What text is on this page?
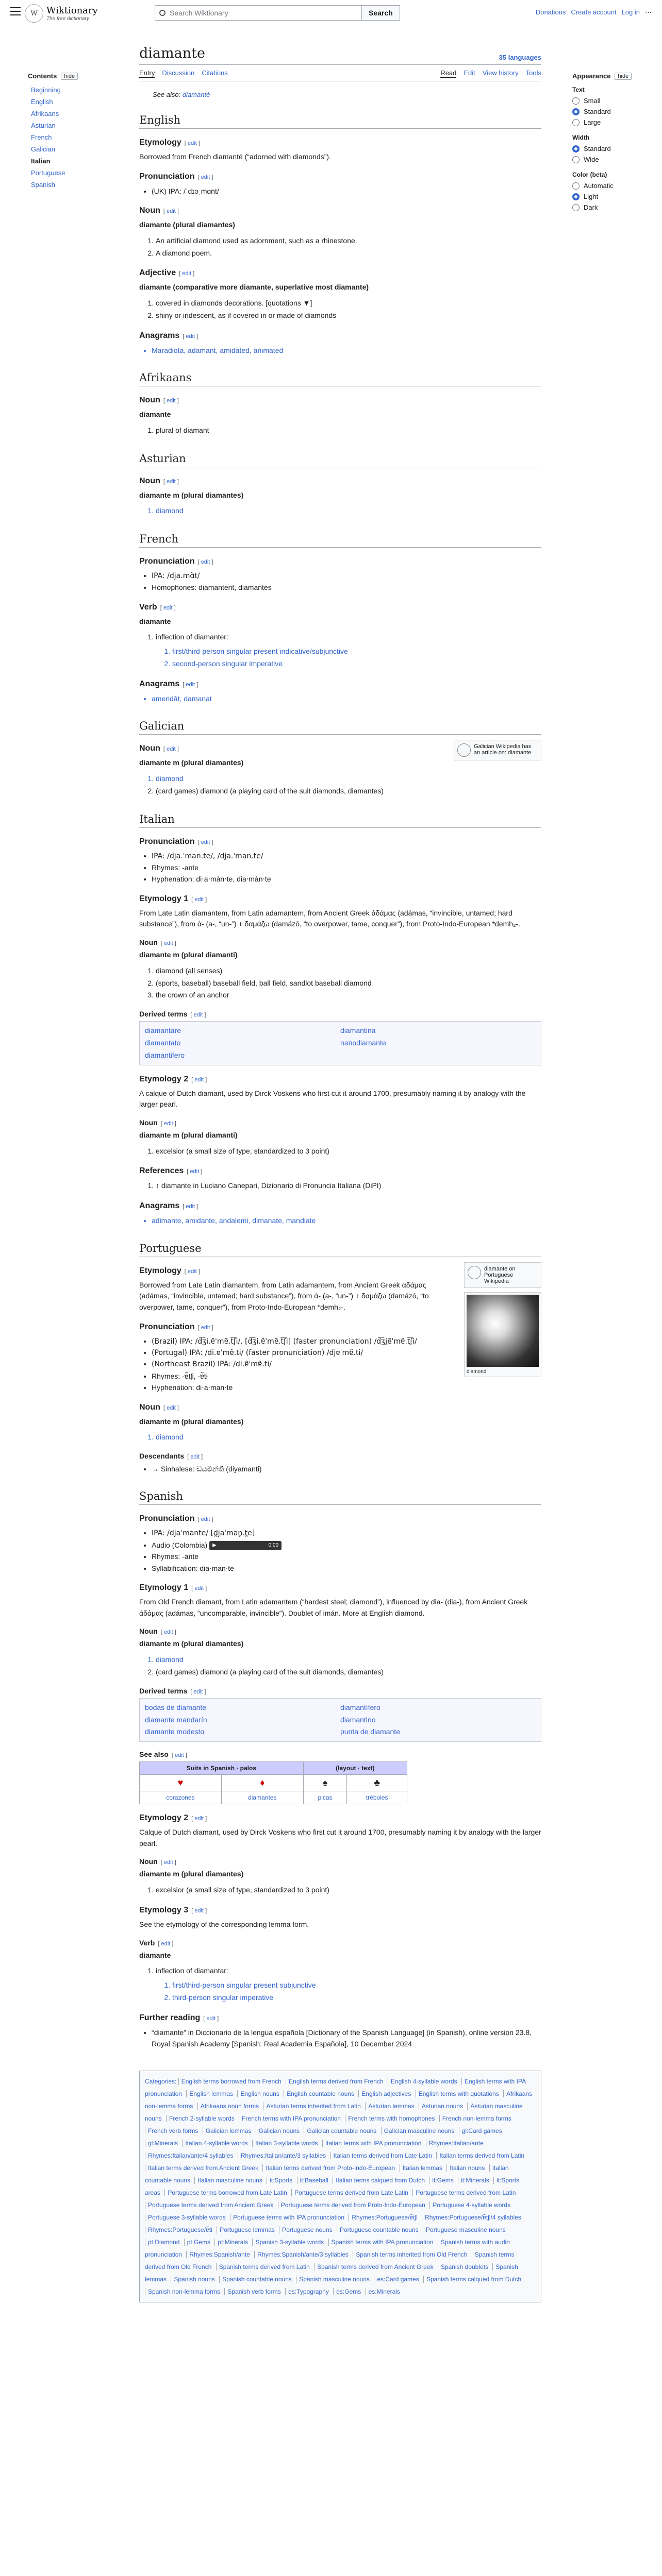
W Wiktionary
The free dictionary
Search Wiktionary	Search	Donations Create account Log in ···
Contents	hide
Beginning
English
Afrikaans
Asturian
French
Galician
Italian
Portuguese
Spanish
Appearance	hide
Text
Small
Standard
Large
Width
Standard
Wide
Color (beta)
Automatic
Light
Dark
diamante	35 languages
Entry Discussion Citations	Read Edit View history Tools
See also: diamanté
English
Etymology [ edit ]

Borrowed from French diamanté (“adorned with diamonds”).

Pronunciation [ edit ]
• (UK) IPA: /ˈdɪəˌmɑnt/
Noun [ edit ]

diamante (plural diamantes)

1. An artificial diamond used as adornment, such as a rhinestone.
2. A diamond poem.
Adjective [ edit ]

diamante (comparative more diamante, superlative most diamante)

1. covered in diamonds decorations. [quotations ▼]
2. shiny or iridescent, as if covered in or made of diamonds
Anagrams [ edit ]
• Maradiota, adamant, amidated, animated
Afrikaans
Noun [ edit ]

diamante

1. plural of diamant
Asturian
Noun [ edit ]

diamante m (plural diamantes)

1. diamond
French
Pronunciation [ edit ]
• IPA: /dja.mɑ̃t/
• Homophones: diamantent, diamantes
Verb [ edit ]

diamante

1. inflection of diamanter:
1. first/third-person singular present indicative/subjunctive
2. second-person singular imperative
Anagrams [ edit ]
• amendât, damanat
Galician
Galician Wikipedia has an article on: diamante
Noun [ edit ]

diamante m (plural diamantes)

1. diamond
2. (card games) diamond (a playing card of the suit diamonds, diamantes)
Italian
Pronunciation [ edit ]
• IPA: /dja.ˈman.te/, /dja.ˈman.te/
• Rhymes: -ante
• Hyphenation: di‧a‧màn‧te, dia‧màn‧te
Etymology 1 [ edit ]

From Late Latin diamantem, from Latin adamantem, from Ancient Greek ἀδάμας (adámas, “invincible, untamed; hard substance”), from ἀ- (a-, “un-”) + δαμάζω (damázō, “to overpower, tame, conquer”), from Proto-Indo-European *demh₂-.

Noun [ edit ]

diamante m (plural diamanti)

1. diamond (all senses)
2. (sports, baseball) baseball field, ball field, sandlot baseball diamond
3. the crown of an anchor
Derived terms [ edit ]
diamantare	diamantina
diamantato	nanodiamante
diamantifero
Etymology 2 [ edit ]

A calque of Dutch diamant, used by Dirck Voskens who first cut it around 1700, presumably naming it by analogy with the larger pearl.

Noun [ edit ]

diamante m (plural diamanti)

1. excelsior (a small size of type, standardized to 3 point)
References [ edit ]
1. ↑ diamante in Luciano Canepari, Dizionario di Pronuncia Italiana (DiPI)
Anagrams [ edit ]
• adimante, amidante, andalemi, dimanate, mandiate
Portuguese
diamante on Portuguese Wikipedia
diamond
Etymology [ edit ]

Borrowed from Late Latin diamantem, from Latin adamantem, from Ancient Greek ἀδάμας (adámas, “invincible, untamed; hard substance”), from ἀ- (a-, “un-”) + δαμάζω (damázō, “to overpower, tame, conquer”), from Proto-Indo-European *demh₂-.

Pronunciation [ edit ]
• (Brazil) IPA: /d͡ʒi.ɐ̃ˈmɐ̃.t͡ʃi/, [d͡ʒi.ɐ̃ˈmɐ̃.t͡ʃi] (faster pronunciation) /d͡ʒjɐ̃ˈmɐ̃.t͡ʃi/
• (Portugal) IPA: /di.ɐˈmɐ̃.tɨ/ (faster pronunciation) /djɐˈmɐ̃.tɨ/
• (Northeast Brazil) IPA: /di.ɐ̃ˈmɐ̃.ti/
• Rhymes: -ɐ̃tʃi, -ɐ̃tɨ
• Hyphenation: di‧a‧man‧te
Noun [ edit ]

diamante m (plural diamantes)

1. diamond
Descendants [ edit ]
• → Sinhalese: ඩයමන්ති (diyamanti)
Spanish
Pronunciation [ edit ]
• IPA: /djaˈmante/ [d̪jaˈman̪.t̪e]
• Audio (Colombia) ▶	0:00
• Rhymes: -ante
• Syllabification: dia‧man‧te
Etymology 1 [ edit ]

From Old French diamant, from Latin adamantem (“hardest steel; diamond”), influenced by dia- (dia-), from Ancient Greek ἀδάμας (adámas, “uncomparable, invincible”). Doublet of imán. More at English diamond.

Noun [ edit ]

diamante m (plural diamantes)

1. diamond
2. (card games) diamond (a playing card of the suit diamonds, diamantes)
Derived terms [ edit ]
bodas de diamante	diamantífero
diamante mandarín	diamantino
diamante modesto	punta de diamante
See also [ edit ]
Suits in Spanish · palos		(layout · text)	
♥	♦	♠	♣
corazones	diamantes	picas	tréboles
Etymology 2 [ edit ]

Calque of Dutch diamant, used by Dirck Voskens who first cut it around 1700, presumably naming it by analogy with the larger pearl.

Noun [ edit ]

diamante m (plural diamantes)

1. excelsior (a small size of type, standardized to 3 point)
Etymology 3 [ edit ]

See the etymology of the corresponding lemma form.

Verb [ edit ]

diamante

1. inflection of diamantar:
1. first/third-person singular present subjunctive
2. third-person singular imperative
Further reading [ edit ]
• “diamante” in Diccionario de la lengua española [Dictionary of the Spanish Language] (in Spanish), online version 23.8, Royal Spanish Academy [Spanish: Real Academia Española], 10 December 2024
Categories: English terms borrowed from French English terms derived from French English 4-syllable words English terms with IPA pronunciation English lemmas English nouns English countable nouns English adjectives English terms with quotations Afrikaans non-lemma forms Afrikaans noun forms Asturian terms inherited from Latin Asturian lemmas Asturian nouns Asturian masculine nouns French 2-syllable words French terms with IPA pronunciation French terms with homophones French non-lemma forms French verb forms Galician lemmas Galician nouns Galician countable nouns Galician masculine nouns gl:Card games gl:Minerals Italian 4-syllable words Italian 3-syllable words Italian terms with IPA pronunciation Rhymes:Italian/ante Rhymes:Italian/ante/4 syllables Rhymes:Italian/ante/3 syllables Italian terms derived from Late Latin Italian terms derived from Latin Italian terms derived from Ancient Greek Italian terms derived from Proto-Indo-European Italian lemmas Italian nouns Italian countable nouns Italian masculine nouns it:Sports it:Baseball Italian terms calqued from Dutch it:Gems it:Minerals it:Sports areas Portuguese terms borrowed from Late Latin Portuguese terms derived from Late Latin Portuguese terms derived from Latin Portuguese terms derived from Ancient Greek Portuguese terms derived from Proto-Indo-European Portuguese 4-syllable words Portuguese 3-syllable words Portuguese terms with IPA pronunciation Rhymes:Portuguese/ɐ̃tʃi Rhymes:Portuguese/ɐ̃tʃi/4 syllables Rhymes:Portuguese/ɐ̃tɨ Portuguese lemmas Portuguese nouns Portuguese countable nouns Portuguese masculine nouns pt:Diamond pt:Gems pt:Minerals Spanish 3-syllable words Spanish terms with IPA pronunciation Spanish terms with audio pronunciation Rhymes:Spanish/ante Rhymes:Spanish/ante/3 syllables Spanish terms inherited from Old French Spanish terms derived from Old French Spanish terms derived from Latin Spanish terms derived from Ancient Greek Spanish doublets Spanish lemmas Spanish nouns Spanish countable nouns Spanish masculine nouns es:Card games Spanish terms calqued from Dutch Spanish non-lemma forms Spanish verb forms es:Typography es:Gems es:Minerals
